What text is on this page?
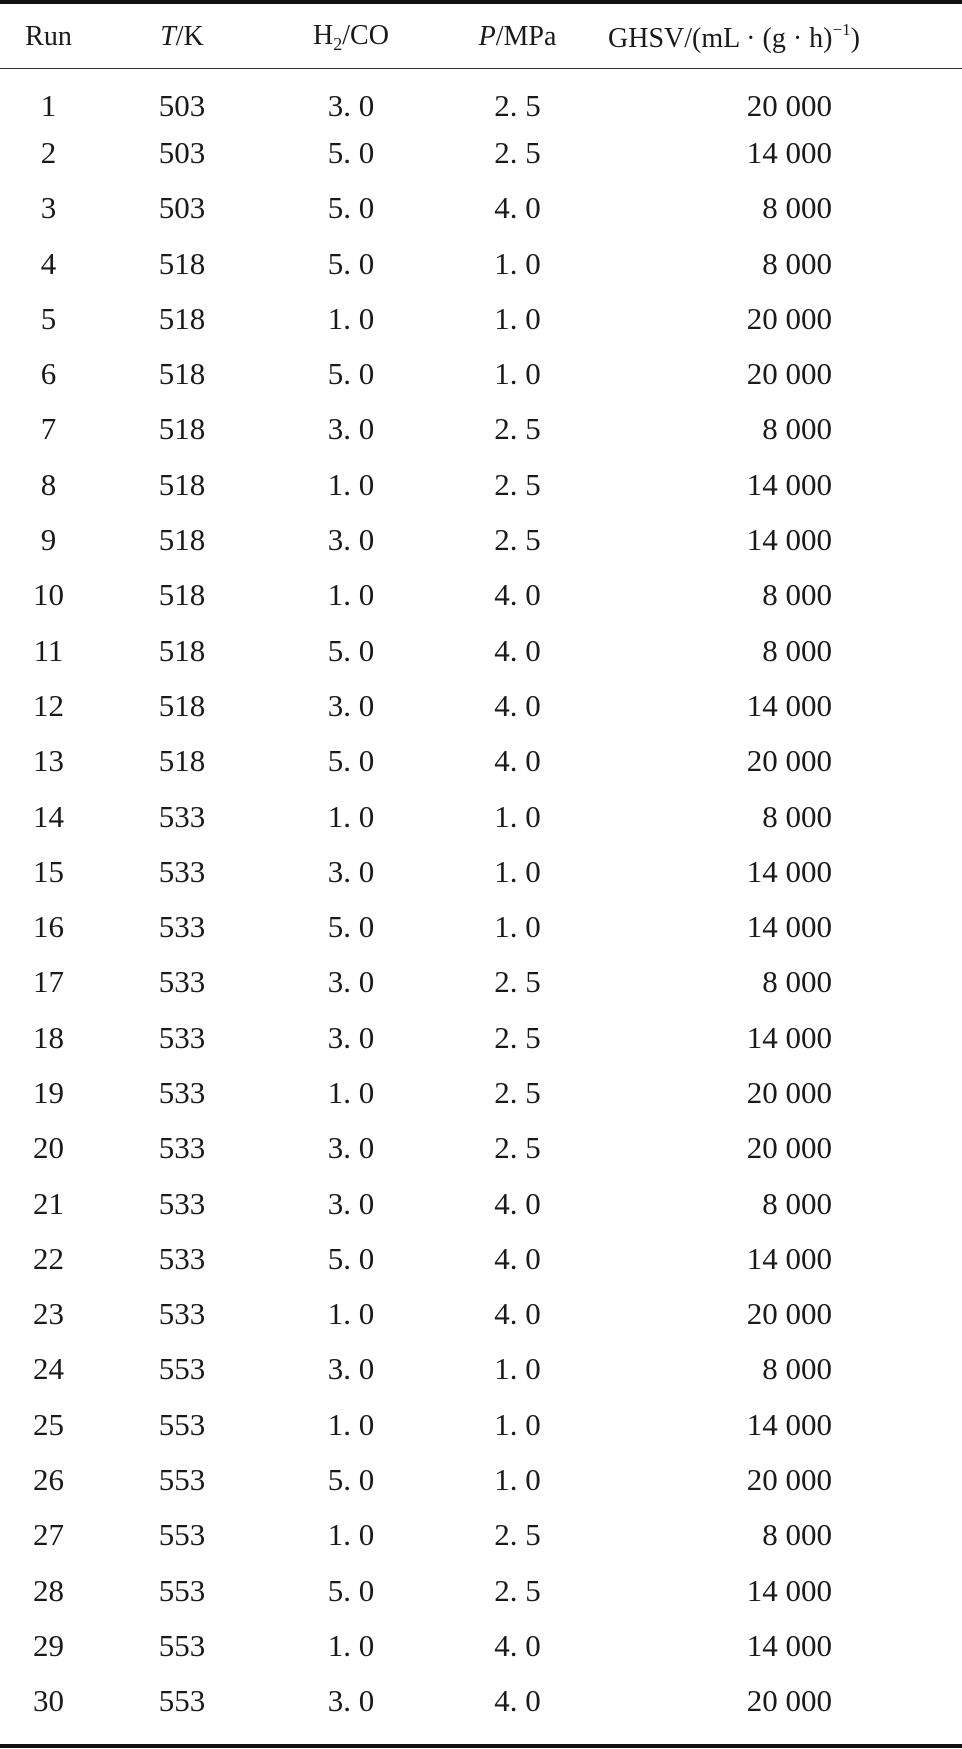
Run	T/K	$H_2/CO$	P/MPa	GHSV/(mL · $(g \cdot h)^{-1}$)
1	503	3. 0	2. 5	20 000
2	503	5. 0	2. 5	14 000
3	503	5. 0	4. 0	8 000
4	518	5. 0	1. 0	8 000
5	518	1. 0	1. 0	20 000
6	518	5. 0	1. 0	20 000
7	518	3. 0	2. 5	8 000
8	518	1. 0	2. 5	14 000
9	518	3. 0	2. 5	14 000
10	518	1. 0	4. 0	8 000
11	518	5. 0	4. 0	8 000
12	518	3. 0	4. 0	14 000
13	518	5. 0	4. 0	20 000
14	533	1. 0	1. 0	8 000
15	533	3. 0	1. 0	14 000
16	533	5. 0	1. 0	14 000
17	533	3. 0	2. 5	8 000
18	533	3. 0	2. 5	14 000
19	533	1. 0	2. 5	20 000
20	533	3. 0	2. 5	20 000
21	533	3. 0	4. 0	8 000
22	533	5. 0	4. 0	14 000
23	533	1. 0	4. 0	20 000
24	553	3. 0	1. 0	8 000
25	553	1. 0	1. 0	14 000
26	553	5. 0	1. 0	20 000
27	553	1. 0	2. 5	8 000
28	553	5. 0	2. 5	14 000
29	553	1. 0	4. 0	14 000
30	553	3. 0	4. 0	20 000
